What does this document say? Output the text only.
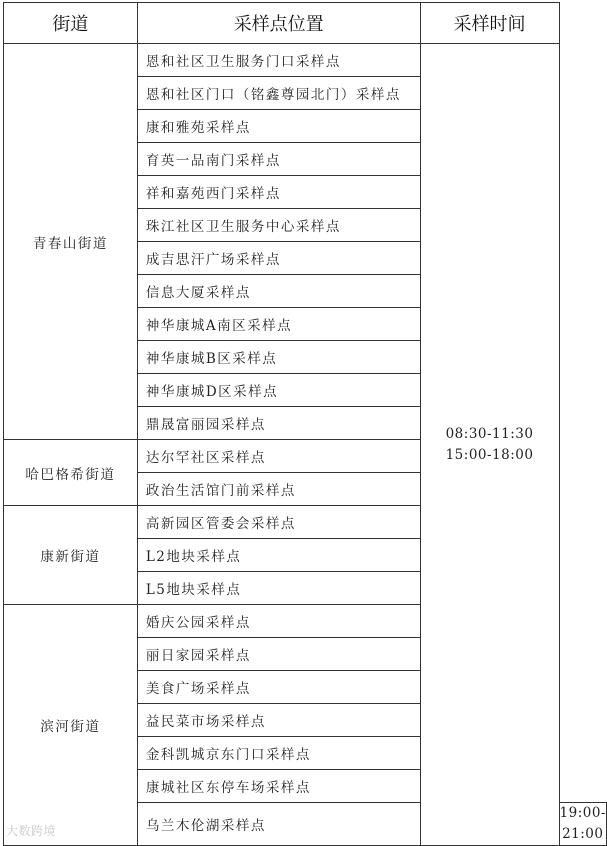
街道	采样点位置	采样时间	
青春山街道	恩和社区卫生服务门口采样点	08:30-11:30
15:00-18:00	
	恩和社区门口（铭鑫尊园北门）采样点		
	康和雅苑采样点		
	育英一品南门采样点		
	祥和嘉苑西门采样点		
	珠江社区卫生服务中心采样点		
	成吉思汗广场采样点		
	信息大厦采样点		
	神华康城A南区采样点		
	神华康城B区采样点		
	神华康城D区采样点		
	鼎晟富丽园采样点		
哈巴格希街道	达尔罕社区采样点		
	政治生活馆门前采样点		
康新街道	高新园区管委会采样点		
	L2地块采样点		
	L5地块采样点		
滨河街道	婚庆公园采样点		
	丽日家园采样点		
	美食广场采样点		
	益民菜市场采样点		
	金科凯城京东门口采样点		
	康城社区东停车场采样点		
	乌兰木伦湖采样点		19:00-21:00
大数跨境
